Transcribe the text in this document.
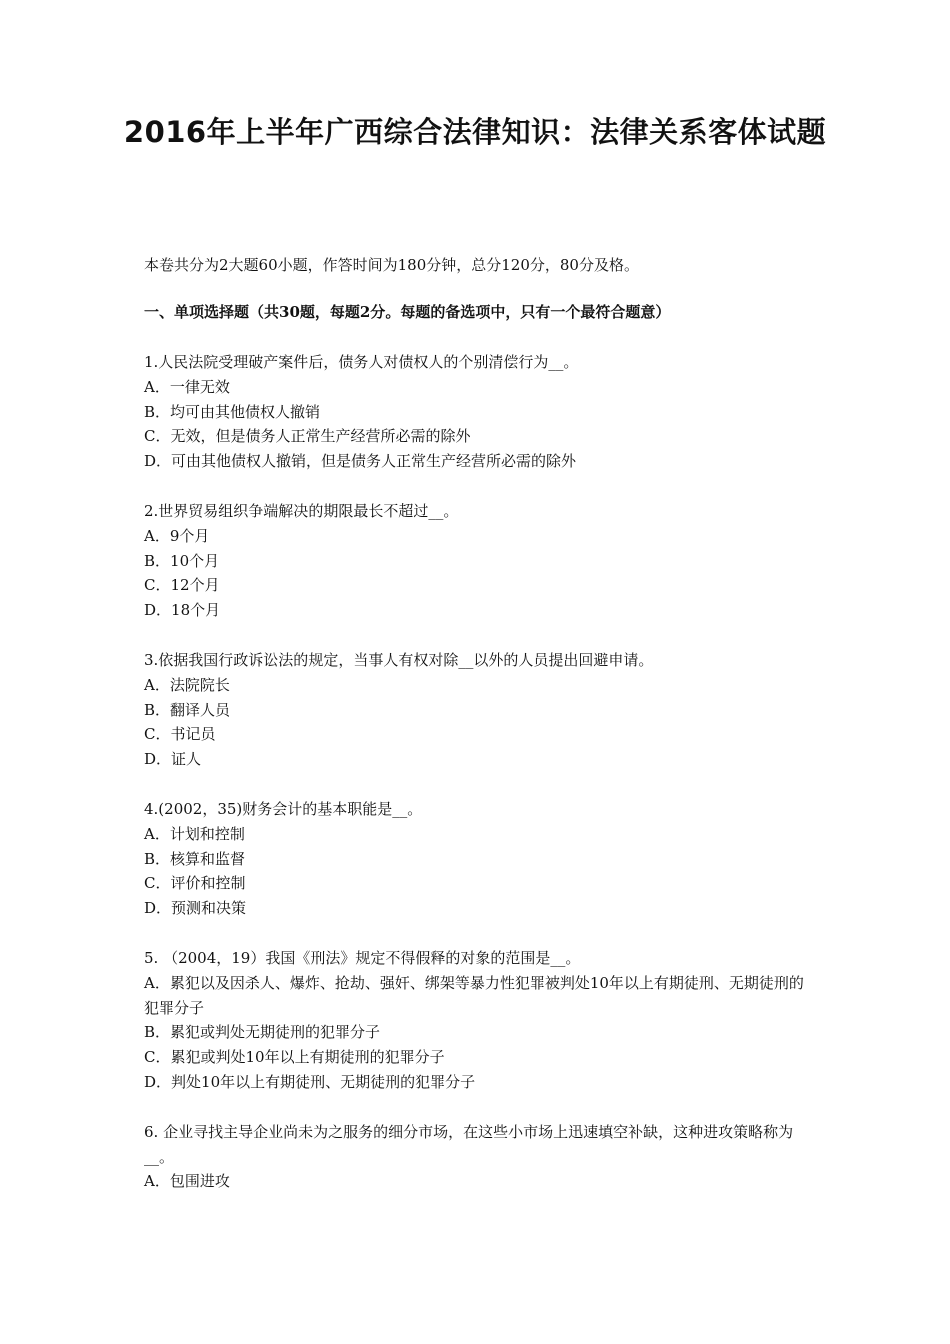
2016年上半年广西综合法律知识：法律关系客体试题
本卷共分为2大题60小题，作答时间为180分钟，总分120分，80分及格。
一、单项选择题（共30题，每题2分。每题的备选项中，只有一个最符合题意）

1.人民法院受理破产案件后，债务人对债权人的个别清偿行为__。

A．一律无效

B．均可由其他债权人撤销

C．无效，但是债务人正常生产经营所必需的除外

D．可由其他债权人撤销，但是债务人正常生产经营所必需的除外

2.世界贸易组织争端解决的期限最长不超过__。

A．9个月

B．10个月

C．12个月

D．18个月

3.依据我国行政诉讼法的规定，当事人有权对除__以外的人员提出回避申请。

A．法院院长

B．翻译人员

C．书记员

D．证人

4.(2002，35)财务会计的基本职能是__。

A．计划和控制

B．核算和监督

C．评价和控制

D．预测和决策

5. （2004，19）我国《刑法》规定不得假释的对象的范围是__。

A．累犯以及因杀人、爆炸、抢劫、强奸、绑架等暴力性犯罪被判处10年以上有期徒刑、无期徒刑的犯罪分子

B．累犯或判处无期徒刑的犯罪分子

C．累犯或判处10年以上有期徒刑的犯罪分子

D．判处10年以上有期徒刑、无期徒刑的犯罪分子

6. 企业寻找主导企业尚未为之服务的细分市场，在这些小市场上迅速填空补缺，这种进攻策略称为__。

A．包围进攻
